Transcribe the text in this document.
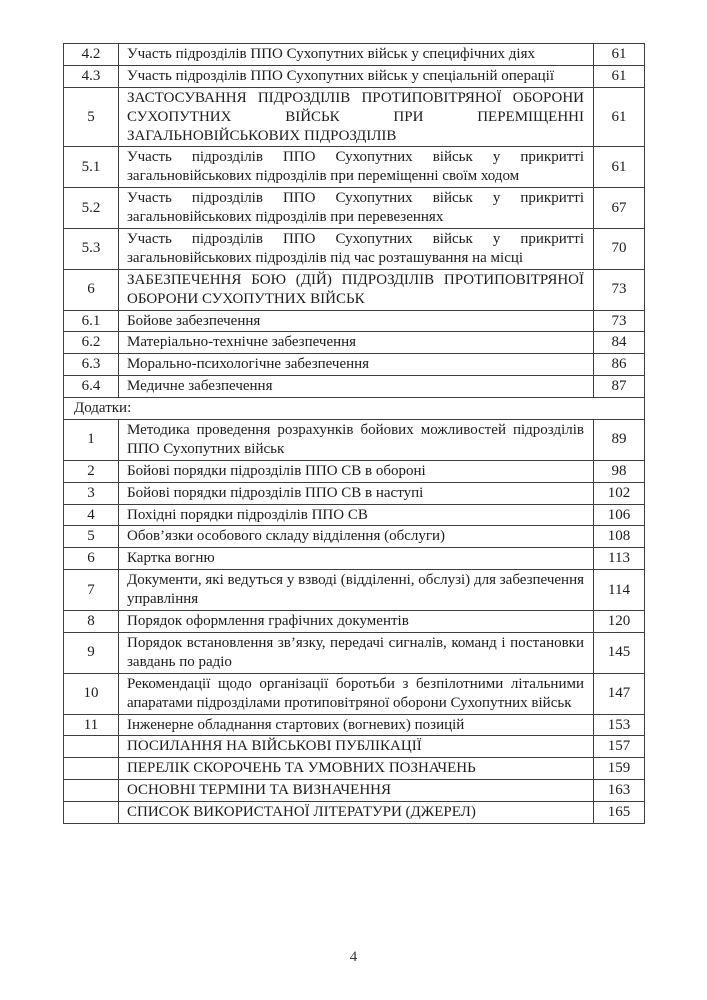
4.2	Участь підрозділів ППО Сухопутних військ у специфічних діях	61
4.3	Участь підрозділів ППО Сухопутних військ у спеціальній операції	61
5	ЗАСТОСУВАННЯ ПІДРОЗДІЛІВ ПРОТИПОВІТРЯНОЇ ОБОРОНИ СУХОПУТНИХ ВІЙСЬК ПРИ ПЕРЕМІЩЕННІ ЗАГАЛЬНОВІЙСЬКОВИХ ПІДРОЗДІЛІВ	61
5.1	Участь підрозділів ППО Сухопутних військ у прикритті загальновійськових підрозділів при переміщенні своїм ходом	61
5.2	Участь підрозділів ППО Сухопутних військ у прикритті загальновійськових підрозділів при перевезеннях	67
5.3	Участь підрозділів ППО Сухопутних військ у прикритті загальновійськових підрозділів під час розташування на місці	70
6	ЗАБЕЗПЕЧЕННЯ БОЮ (ДІЙ) ПІДРОЗДІЛІВ ПРОТИПОВІТРЯНОЇ ОБОРОНИ СУХОПУТНИХ ВІЙСЬК	73
6.1	Бойове забезпечення	73
6.2	Матеріально-технічне забезпечення	84
6.3	Морально-психологічне забезпечення	86
6.4	Медичне забезпечення	87
Додатки:		
1	Методика проведення розрахунків бойових можливостей підрозділів ППО Сухопутних військ	89
2	Бойові порядки підрозділів ППО СВ в обороні	98
3	Бойові порядки підрозділів ППО СВ в наступі	102
4	Похідні порядки підрозділів ППО СВ	106
5	Обов’язки особового складу відділення (обслуги)	108
6	Картка вогню	113
7	Документи, які ведуться у взводі (відділенні, обслузі) для забезпечення управління	114
8	Порядок оформлення графічних документів	120
9	Порядок встановлення зв’язку, передачі сигналів, команд і постановки завдань по радіо	145
10	Рекомендації щодо організації боротьби з безпілотними літальними апаратами підрозділами протиповітряної оборони Сухопутних військ	147
11	Інженерне обладнання стартових (вогневих) позицій	153
	ПОСИЛАННЯ НА ВІЙСЬКОВІ ПУБЛІКАЦІЇ	157
	ПЕРЕЛІК СКОРОЧЕНЬ ТА УМОВНИХ ПОЗНАЧЕНЬ	159
	ОСНОВНІ ТЕРМІНИ ТА ВИЗНАЧЕННЯ	163
	СПИСОК ВИКОРИСТАНОЇ ЛІТЕРАТУРИ (ДЖЕРЕЛ)	165
4
